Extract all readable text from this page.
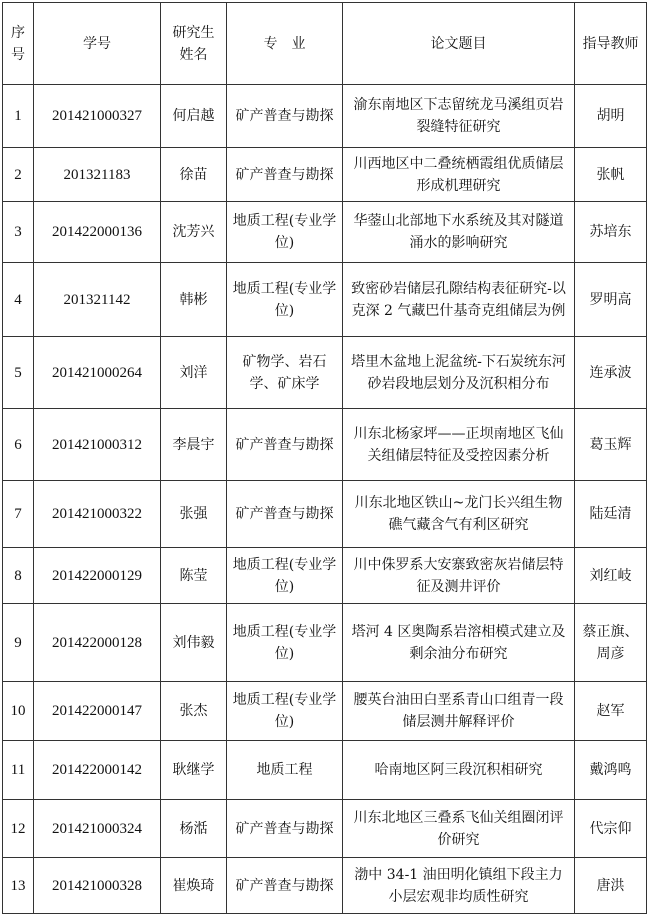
序号	学号	研究生姓名	专　业	论文题目	指导教师
1	201421000327	何启越	矿产普查与勘探	渝东南地区下志留统龙马溪组页岩裂缝特征研究	胡明
2	201321183	徐苗	矿产普查与勘探	川西地区中二叠统栖霞组优质储层形成机理研究	张帆
3	201422000136	沈芳兴	地质工程(专业学位)	华蓥山北部地下水系统及其对隧道涌水的影响研究	苏培东
4	201321142	韩彬	地质工程(专业学位)	致密砂岩储层孔隙结构表征研究-以克深 2 气藏巴什基奇克组储层为例	罗明高
5	201421000264	刘洋	矿物学、岩石学、矿床学	塔里木盆地上泥盆统-下石炭统东河砂岩段地层划分及沉积相分布	连承波
6	201421000312	李晨宇	矿产普查与勘探	川东北杨家坪——正坝南地区飞仙关组储层特征及受控因素分析	葛玉辉
7	201421000322	张强	矿产普查与勘探	川东北地区铁山~龙门长兴组生物礁气藏含气有利区研究	陆廷清
8	201422000129	陈莹	地质工程(专业学位)	川中侏罗系大安寨致密灰岩储层特征及测井评价	刘红岐
9	201422000128	刘伟毅	地质工程(专业学位)	塔河 4 区奥陶系岩溶相模式建立及剩余油分布研究	蔡正旗、周彦
10	201422000147	张杰	地质工程(专业学位)	腰英台油田白垩系青山口组青一段储层测井解释评价	赵军
11	201422000142	耿继学	地质工程	哈南地区阿三段沉积相研究	戴鸿鸣
12	201421000324	杨湉	矿产普查与勘探	川东北地区三叠系飞仙关组圈闭评价研究	代宗仰
13	201421000328	崔焕琦	矿产普查与勘探	渤中 34-1 油田明化镇组下段主力小层宏观非均质性研究	唐洪
